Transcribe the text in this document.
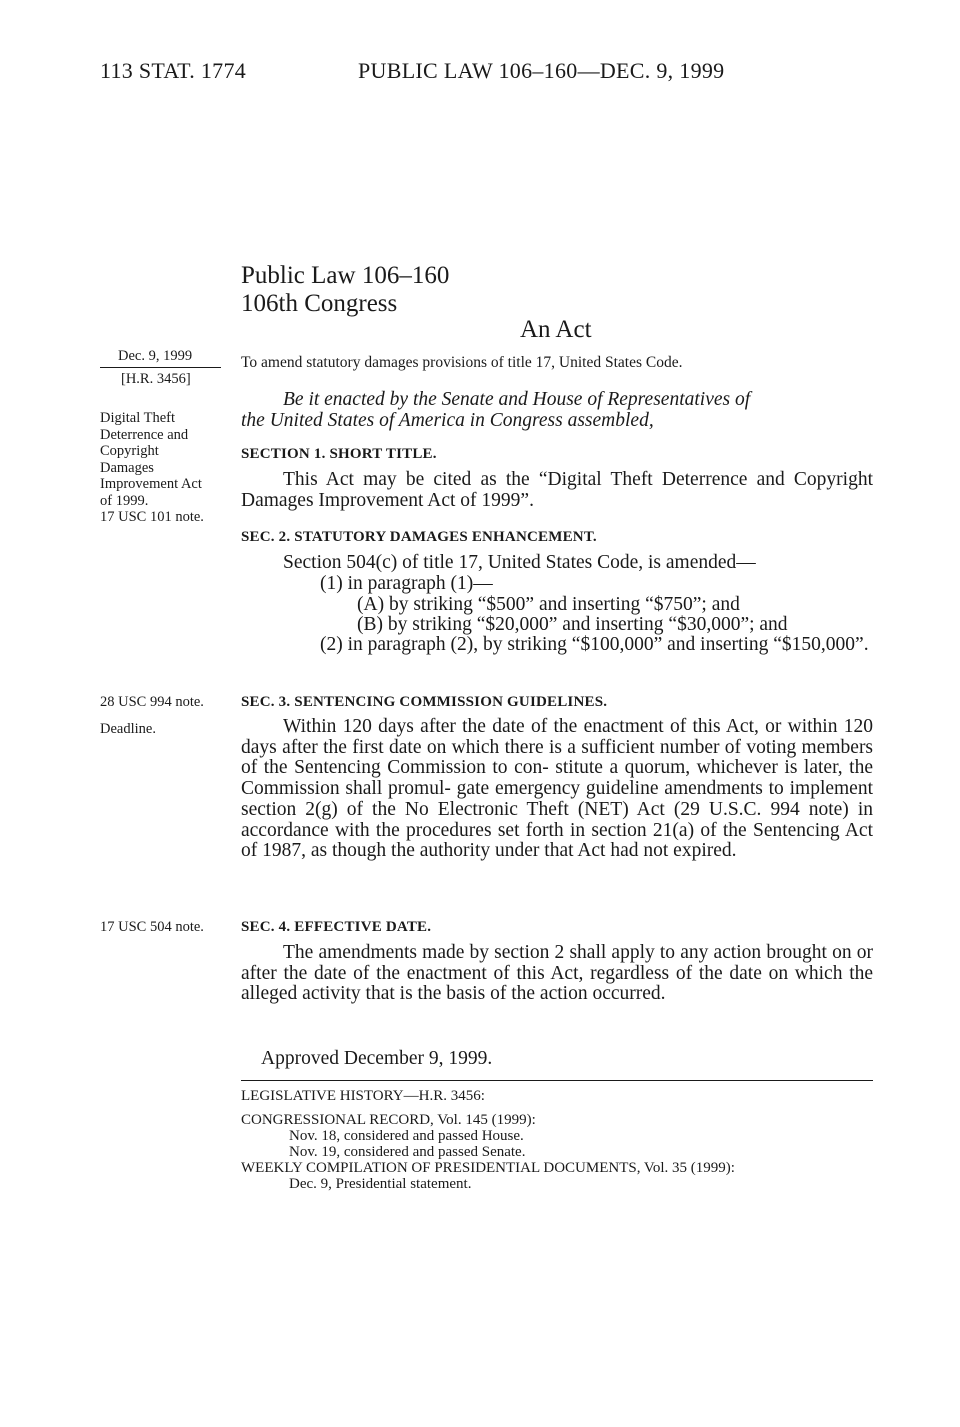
113 STAT. 1774	PUBLIC LAW 106–160—DEC. 9, 1999
Public Law 106–160
106th Congress
An Act
To amend statutory damages provisions of title 17, United States Code.
Dec. 9, 1999
[H.R. 3456]
Digital Theft
Deterrence and
Copyright
Damages
Improvement Act
of 1999.
17 USC 101 note.
28 USC 994 note.
Deadline.
17 USC 504 note.
Be it enacted by the Senate and House of Representatives of
the United States of America in Congress assembled,
SECTION 1. SHORT TITLE.
This Act may be cited as the “Digital Theft Deterrence and Copyright Damages Improvement Act of 1999”.
SEC. 2. STATUTORY DAMAGES ENHANCEMENT.
Section 504(c) of title 17, United States Code, is amended—
(1) in paragraph (1)—
(A) by striking “$500” and inserting “$750”; and
(B) by striking “$20,000” and inserting “$30,000”; and
(2) in paragraph (2), by striking “$100,000” and inserting “$150,000”.
SEC. 3. SENTENCING COMMISSION GUIDELINES.
Within 120 days after the date of the enactment of this Act, or within 120 days after the first date on which there is a sufficient number of voting members of the Sentencing Commission to con- stitute a quorum, whichever is later, the Commission shall promul- gate emergency guideline amendments to implement section 2(g) of the No Electronic Theft (NET) Act (29 U.S.C. 994 note) in accordance with the procedures set forth in section 21(a) of the Sentencing Act of 1987, as though the authority under that Act had not expired.
SEC. 4. EFFECTIVE DATE.
The amendments made by section 2 shall apply to any action brought on or after the date of the enactment of this Act, regardless of the date on which the alleged activity that is the basis of the action occurred.
Approved December 9, 1999.
LEGISLATIVE HISTORY—H.R. 3456:
CONGRESSIONAL RECORD, Vol. 145 (1999):
Nov. 18, considered and passed House.
Nov. 19, considered and passed Senate.
WEEKLY COMPILATION OF PRESIDENTIAL DOCUMENTS, Vol. 35 (1999):
Dec. 9, Presidential statement.
